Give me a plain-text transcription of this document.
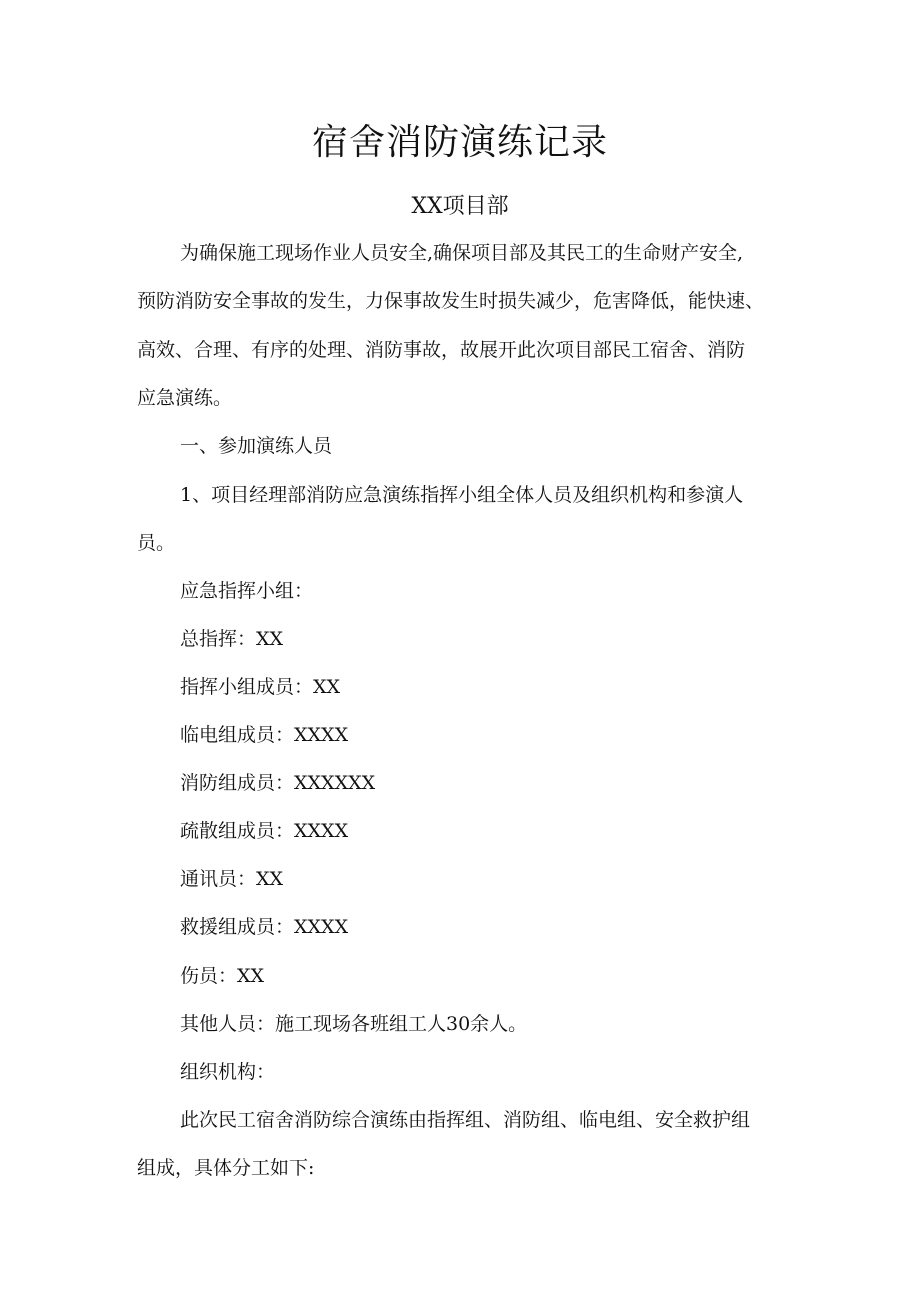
宿舍消防演练记录
XX项目部
为确保施工现场作业人员安全,确保项目部及其民工的生命财产安全,
预防消防安全事故的发生，力保事故发生时损失减少，危害降低，能快速、
高效、合理、有序的处理、消防事故，故展开此次项目部民工宿舍、消防
应急演练。
一、参加演练人员
1、项目经理部消防应急演练指挥小组全体人员及组织机构和参演人
员。
应急指挥小组：
总指挥：XX
指挥小组成员：XX
临电组成员：XXXX
消防组成员：XXXXXX
疏散组成员：XXXX
通讯员：XX
救援组成员：XXXX
伤员：XX
其他人员：施工现场各班组工人30余人。
组织机构：
此次民工宿舍消防综合演练由指挥组、消防组、临电组、安全救护组
组成，具体分工如下:
